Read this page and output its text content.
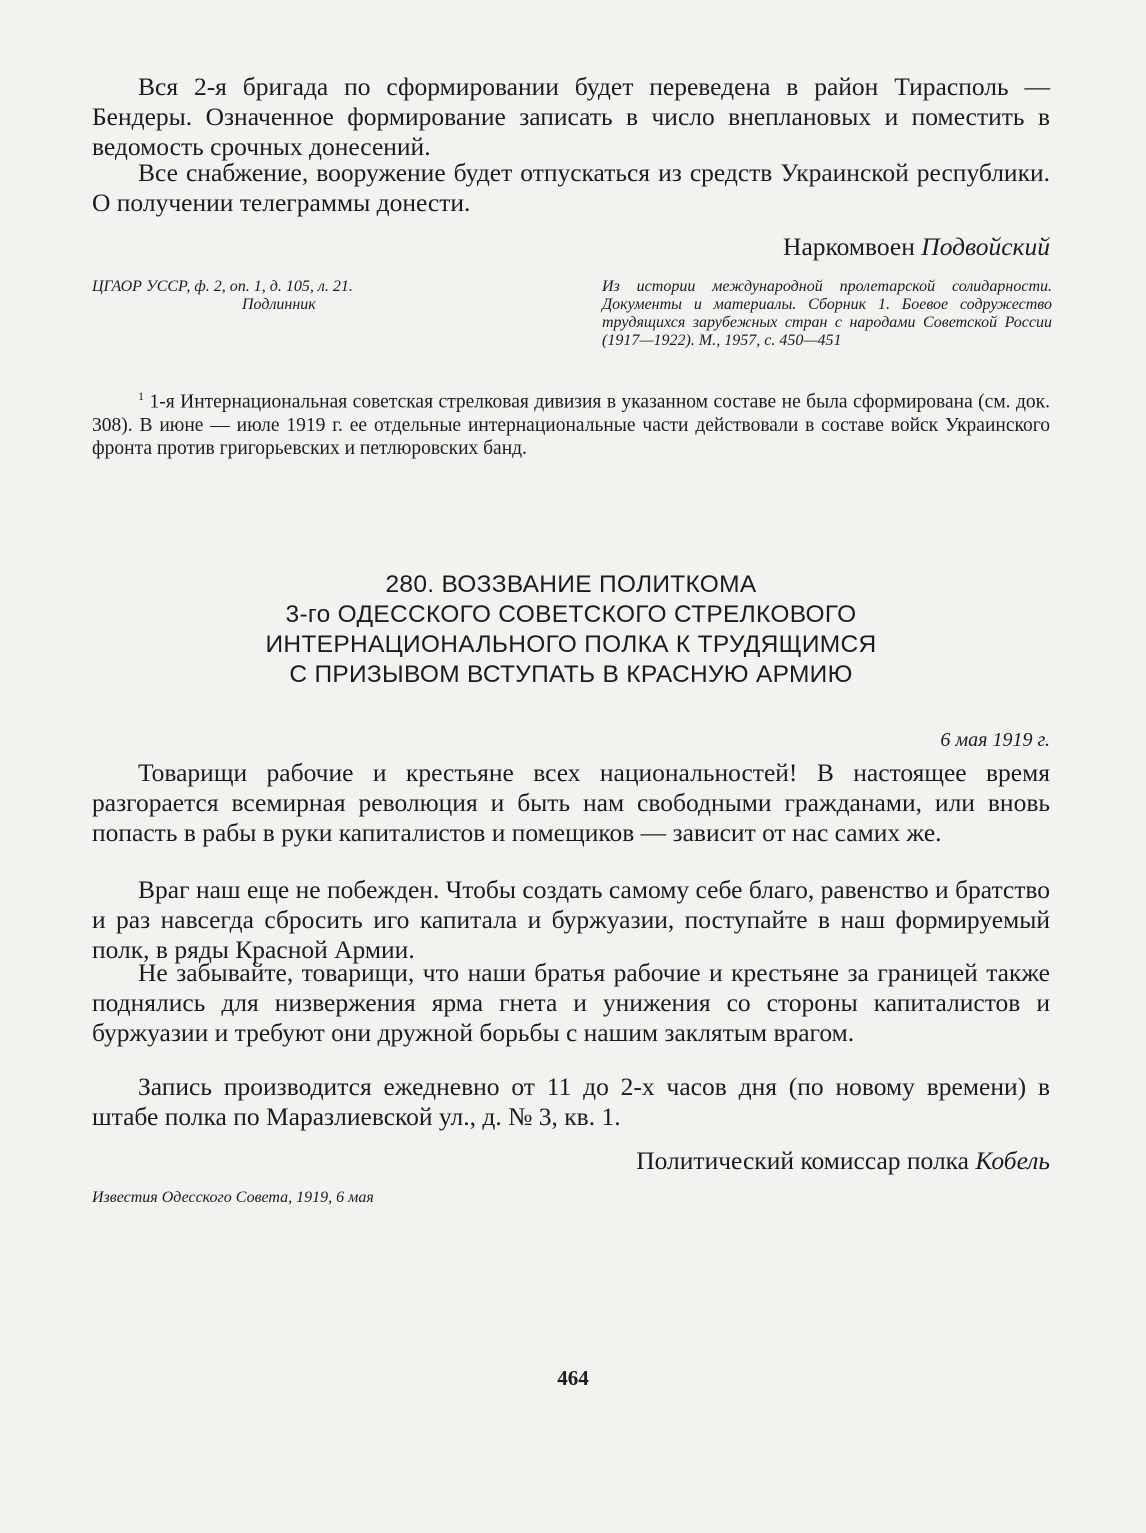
Вся 2-я бригада по сформировании будет переведена в район Тирасполь — Бендеры. Означенное формирование записать в число внеплановых и поместить в ведомость срочных донесений.

Все снабжение, вооружение будет отпускаться из средств Украинской республики. О получении телеграммы донести.

Наркомвоен Подвойский

ЦГАОР УССР, ф. 2, оп. 1, д. 105, л. 21.
Подлинник

Из истории международной пролетарской солидарности. Документы и материалы. Сборник 1. Боевое содружество трудящихся зарубежных стран с народами Советской России (1917—1922). М., 1957, с. 450—451

$^1$ 1-я Интернациональная советская стрелковая дивизия в указанном составе не была сформирована (см. док. 308). В июне — июле 1919 г. ее отдельные интернациональные части действовали в составе войск Украинского фронта против григорьевских и петлюровских банд.

280. ВОЗЗВАНИЕ ПОЛИТКОМА
3-го ОДЕССКОГО СОВЕТСКОГО СТРЕЛКОВОГО
ИНТЕРНАЦИОНАЛЬНОГО ПОЛКА К ТРУДЯЩИМСЯ
С ПРИЗЫВОМ ВСТУПАТЬ В КРАСНУЮ АРМИЮ

6 мая 1919 г.

Товарищи рабочие и крестьяне всех национальностей! В настоящее время разгорается всемирная революция и быть нам свободными гражданами, или вновь попасть в рабы в руки капиталистов и помещиков — зависит от нас самих же.

Враг наш еще не побежден. Чтобы создать самому себе благо, равенство и братство и раз навсегда сбросить иго капитала и буржуазии, поступайте в наш формируемый полк, в ряды Красной Армии.

Не забывайте, товарищи, что наши братья рабочие и крестьяне за границей также поднялись для низвержения ярма гнета и унижения со стороны капиталистов и буржуазии и требуют они дружной борьбы с нашим заклятым врагом.

Запись производится ежедневно от 11 до 2-х часов дня (по новому времени) в штабе полка по Маразлиевской ул., д. № 3, кв. 1.

Политический комиссар полка Кобель

Известия Одесского Совета, 1919, 6 мая

464
